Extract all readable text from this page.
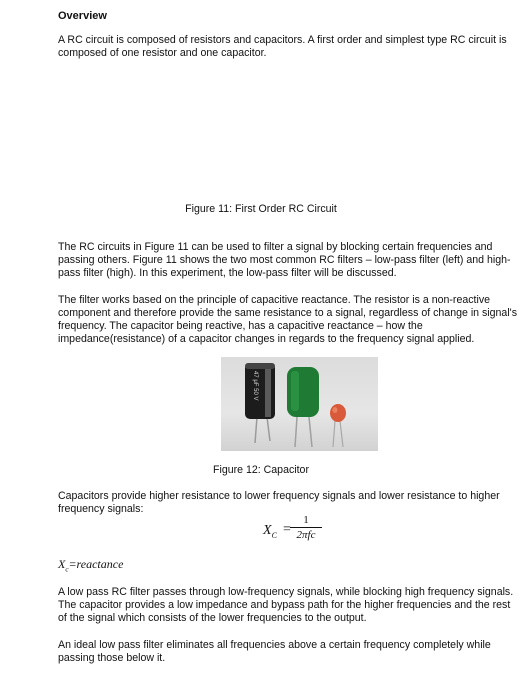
Overview

A RC circuit is composed of resistors and capacitors. A first order and simplest type RC circuit is composed of one resistor and one capacitor.

Figure 11: First Order RC Circuit

The RC circuits in Figure 11 can be used to filter a signal by blocking certain frequencies and passing others. Figure 11 shows the two most common RC filters – low-pass filter (left) and high-pass filter (high). In this experiment, the low-pass filter will be discussed.

The filter works based on the principle of capacitive reactance. The resistor is a non-reactive component and therefore provide the same resistance to a signal, regardless of change in signal's frequency. The capacitor being reactive, has a capacitive reactance – how the impedance(resistance) of a capacitor changes in regards to the frequency signal applied.

47 μF 50 V
Figure 12: Capacitor

Capacitors provide higher resistance to lower frequency signals and lower resistance to higher frequency signals:

$X_C$ =
1
2πfc
$X_c=reactance$

A low pass RC filter passes through low-frequency signals, while blocking high frequency signals. The capacitor provides a low impedance and bypass path for the higher frequencies and the rest of the signal which consists of the lower frequencies to the output.

An ideal low pass filter eliminates all frequencies above a certain frequency completely while passing those below it.
